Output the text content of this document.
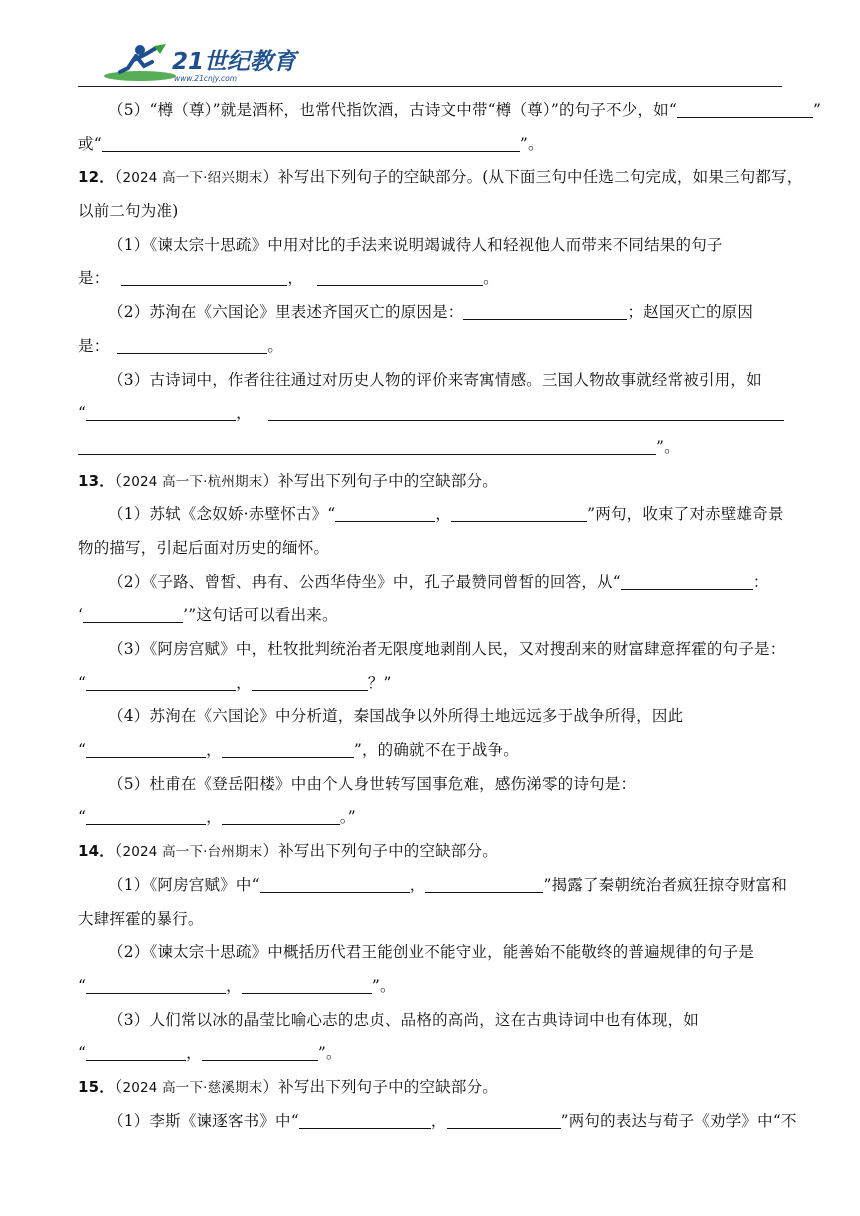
21世纪教育
www.21cnjy.com
（5）“樽（尊）”就是酒杯，也常代指饮酒，古诗文中带“樽（尊）”的句子不少，如“	”
或“	”。
12．（2024 高一下·绍兴期末）补写出下列句子的空缺部分。(从下面三句中任选二句完成，如果三句都写，
以前二句为准)
（1）《谏太宗十思疏》中用对比的手法来说明竭诚待人和轻视他人而带来不同结果的句子
是：	，	。
（2）苏洵在《六国论》里表述齐国灭亡的原因是：	；赵国灭亡的原因
是：	。
（3）古诗词中，作者往往通过对历史人物的评价来寄寓情感。三国人物故事就经常被引用，如
“	，
”。
13．（2024 高一下·杭州期末）补写出下列句子中的空缺部分。
（1）苏轼《念奴娇·赤壁怀古》“	，	”两句，收束了对赤壁雄奇景
物的描写，引起后面对历史的缅怀。
（2）《子路、曾皙、冉有、公西华侍坐》中，孔子最赞同曾皙的回答，从“	：
‘	’”这句话可以看出来。
（3）《阿房宫赋》中，杜牧批判统治者无限度地剥削人民，又对搜刮来的财富肆意挥霍的句子是：
“	，	？”
（4）苏洵在《六国论》中分析道，秦国战争以外所得土地远远多于战争所得，因此
“	，	”，的确就不在于战争。
（5）杜甫在《登岳阳楼》中由个人身世转写国事危难，感伤涕零的诗句是：
“	，	。”
14．（2024 高一下·台州期末）补写出下列句子中的空缺部分。
（1）《阿房宫赋》中“	，	”揭露了秦朝统治者疯狂掠夺财富和
大肆挥霍的暴行。
（2）《谏太宗十思疏》中概括历代君王能创业不能守业，能善始不能敬终的普遍规律的句子是
“	，	”。
（3）人们常以冰的晶莹比喻心志的忠贞、品格的高尚，这在古典诗词中也有体现，如
“	，	”。
15．（2024 高一下·慈溪期末）补写出下列句子中的空缺部分。
（1）李斯《谏逐客书》中“	，	”两句的表达与荀子《劝学》中“不
